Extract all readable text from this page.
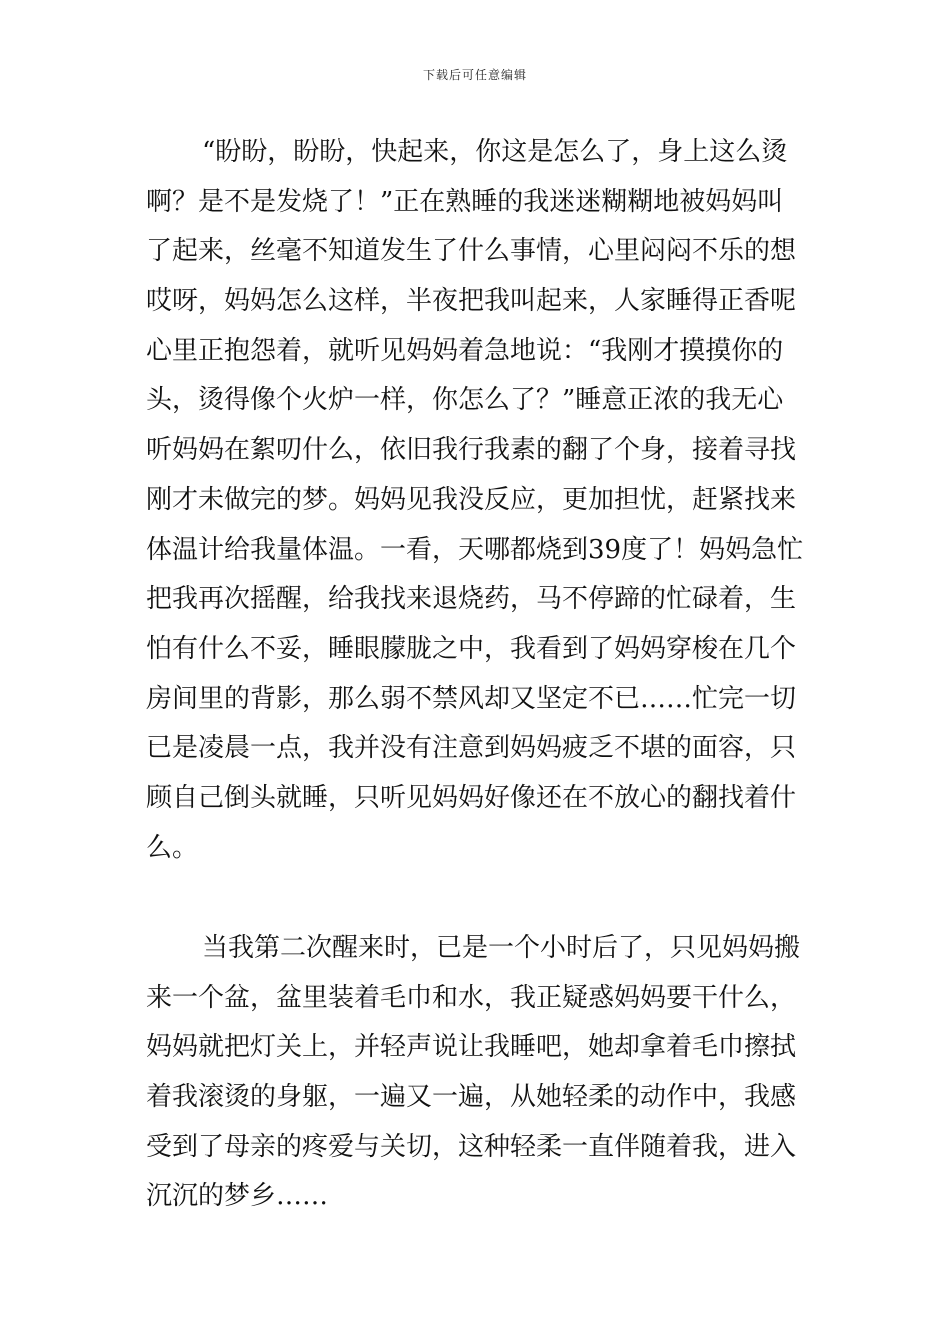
下载后可任意编辑
“盼盼，盼盼，快起来，你这是怎么了，身上这么烫
啊？是不是发烧了！”正在熟睡的我迷迷糊糊地被妈妈叫
了起来，丝毫不知道发生了什么事情，心里闷闷不乐的想
哎呀，妈妈怎么这样，半夜把我叫起来，人家睡得正香呢
心里正抱怨着，就听见妈妈着急地说：“我刚才摸摸你的
头，烫得像个火炉一样，你怎么了？”睡意正浓的我无心
听妈妈在絮叨什么，依旧我行我素的翻了个身，接着寻找
刚才未做完的梦。妈妈见我没反应，更加担忧，赶紧找来
体温计给我量体温。一看，天哪都烧到39度了！妈妈急忙
把我再次摇醒，给我找来退烧药，马不停蹄的忙碌着，生
怕有什么不妥，睡眼朦胧之中，我看到了妈妈穿梭在几个
房间里的背影，那么弱不禁风却又坚定不已……忙完一切
已是凌晨一点，我并没有注意到妈妈疲乏不堪的面容，只
顾自己倒头就睡，只听见妈妈好像还在不放心的翻找着什
么。
当我第二次醒来时，已是一个小时后了，只见妈妈搬
来一个盆，盆里装着毛巾和水，我正疑惑妈妈要干什么，
妈妈就把灯关上，并轻声说让我睡吧，她却拿着毛巾擦拭
着我滚烫的身躯，一遍又一遍，从她轻柔的动作中，我感
受到了母亲的疼爱与关切，这种轻柔一直伴随着我，进入
沉沉的梦乡……
